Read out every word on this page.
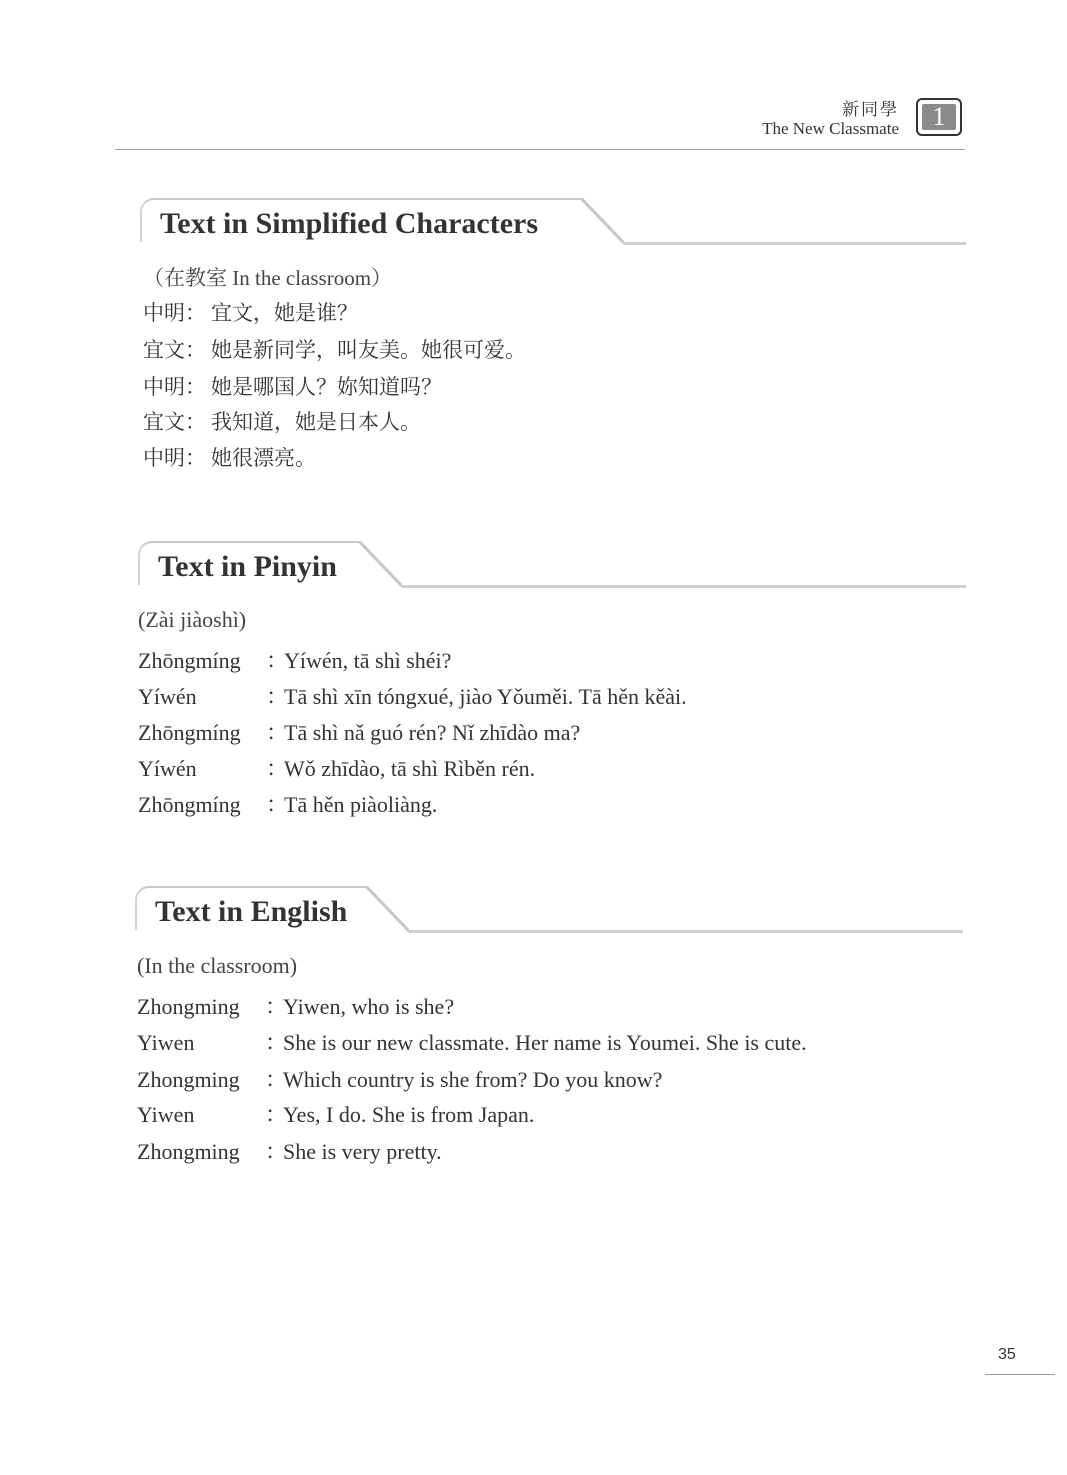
新同學
The New Classmate	1
Text in Simplified Characters
（在教室 In the classroom）
中明： 宜文，她是谁？
宜文： 她是新同学，叫友美。她很可爱。
中明： 她是哪国人？妳知道吗？
宜文： 我知道，她是日本人。
中明： 她很漂亮。
Text in Pinyin
(Zài jiàoshì)
Zhōngmíng ：Yíwén, tā shì shéi?
Yíwén	：Tā shì xīn tóngxué, jiào Yǒuměi. Tā hěn kěài.
Zhōngmíng ：Tā shì nǎ guó rén? Nǐ zhīdào ma?
Yíwén	：Wǒ zhīdào, tā shì Rìběn rén.
Zhōngmíng ：Tā hěn piàoliàng.
Text in English
(In the classroom)
Zhongming ：Yiwen, who is she?
Yiwen	：She is our new classmate. Her name is Youmei. She is cute.
Zhongming ：Which country is she from? Do you know?
Yiwen	：Yes, I do. She is from Japan.
Zhongming ：She is very pretty.
35
